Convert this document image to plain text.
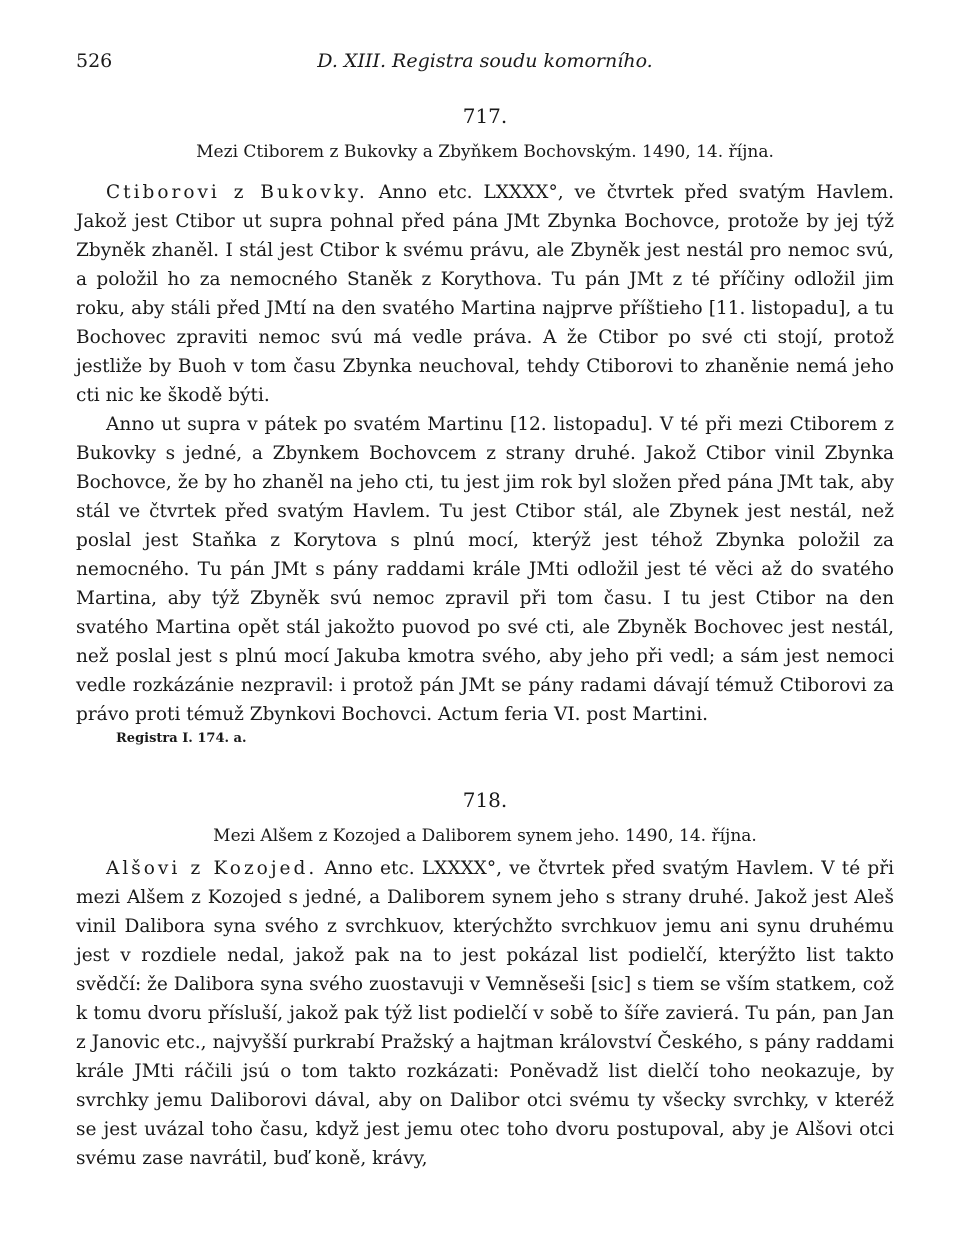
526	D. XIII. Registra soudu komorního.

717.

Mezi Ctiborem z Bukovky a Zbyňkem Bochovským. 1490, 14. října.

Ctiborovi z Bukovky. Anno etc. LXXXX°, ve čtvrtek před svatým Havlem. Jakož jest Ctibor ut supra pohnal před pána JMt Zbynka Bochovce, protože by jej týž Zbyněk zhaněl. I stál jest Ctibor k svému právu, ale Zbyněk jest nestál pro nemoc svú, a položil ho za nemocného Staněk z Korythova. Tu pán JMt z té příčiny odložil jim roku, aby stáli před JMtí na den svatého Martina najprve příštieho [11. listopadu], a tu Bochovec zpraviti nemoc svú má vedle práva. A že Ctibor po své cti stojí, protož jestliže by Buoh v tom času Zbynka neuchoval, tehdy Ctiborovi to zhaněnie nemá jeho cti nic ke škodě býti.

Anno ut supra v pátek po svatém Martinu [12. listopadu]. V té při mezi Ctiborem z Bukovky s jedné, a Zbynkem Bochovcem z strany druhé. Jakož Ctibor vinil Zbynka Bochovce, že by ho zhaněl na jeho cti, tu jest jim rok byl složen před pána JMt tak, aby stál ve čtvrtek před svatým Havlem. Tu jest Ctibor stál, ale Zbynek jest nestál, než poslal jest Staňka z Korytova s plnú mocí, kterýž jest téhož Zbynka položil za nemocného. Tu pán JMt s pány raddami krále JMti odložil jest té věci až do svatého Martina, aby týž Zbyněk svú nemoc zpravil při tom času. I tu jest Ctibor na den svatého Martina opět stál jakožto puovod po své cti, ale Zbyněk Bochovec jest nestál, než poslal jest s plnú mocí Jakuba kmotra svého, aby jeho při vedl; a sám jest nemoci vedle rozkázánie nezpravil: i protož pán JMt se pány radami dávají témuž Ctiborovi za právo proti témuž Zbynkovi Bochovci. Actum feria VI. post Martini.

Registra I. 174. a.

718.

Mezi Alšem z Kozojed a Daliborem synem jeho. 1490, 14. října.

Alšovi z Kozojed. Anno etc. LXXXX°, ve čtvrtek před svatým Havlem. V té při mezi Alšem z Kozojed s jedné, a Daliborem synem jeho s strany druhé. Jakož jest Aleš vinil Dalibora syna svého z svrchkuov, kterýchžto svrchkuov jemu ani synu druhému jest v rozdiele nedal, jakož pak na to jest pokázal list podielčí, kterýžto list takto svědčí: že Dalibora syna svého zuostavuji v Vemněseši [sic] s tiem se vším statkem, což k tomu dvoru přísluší, jakož pak týž list podielčí v sobě to šíře zavierá. Tu pán, pan Jan z Janovic etc., najvyšší purkrabí Pražský a hajtman království Českého, s pány raddami krále JMti ráčili jsú o tom takto rozkázati: Poněvadž list dielčí toho neokazuje, by svrchky jemu Daliborovi dával, aby on Dalibor otci svému ty všecky svrchky, v kteréž se jest uvázal toho času, když jest jemu otec toho dvoru postupoval, aby je Alšovi otci svému zase navrátil, buď koně, krávy,
